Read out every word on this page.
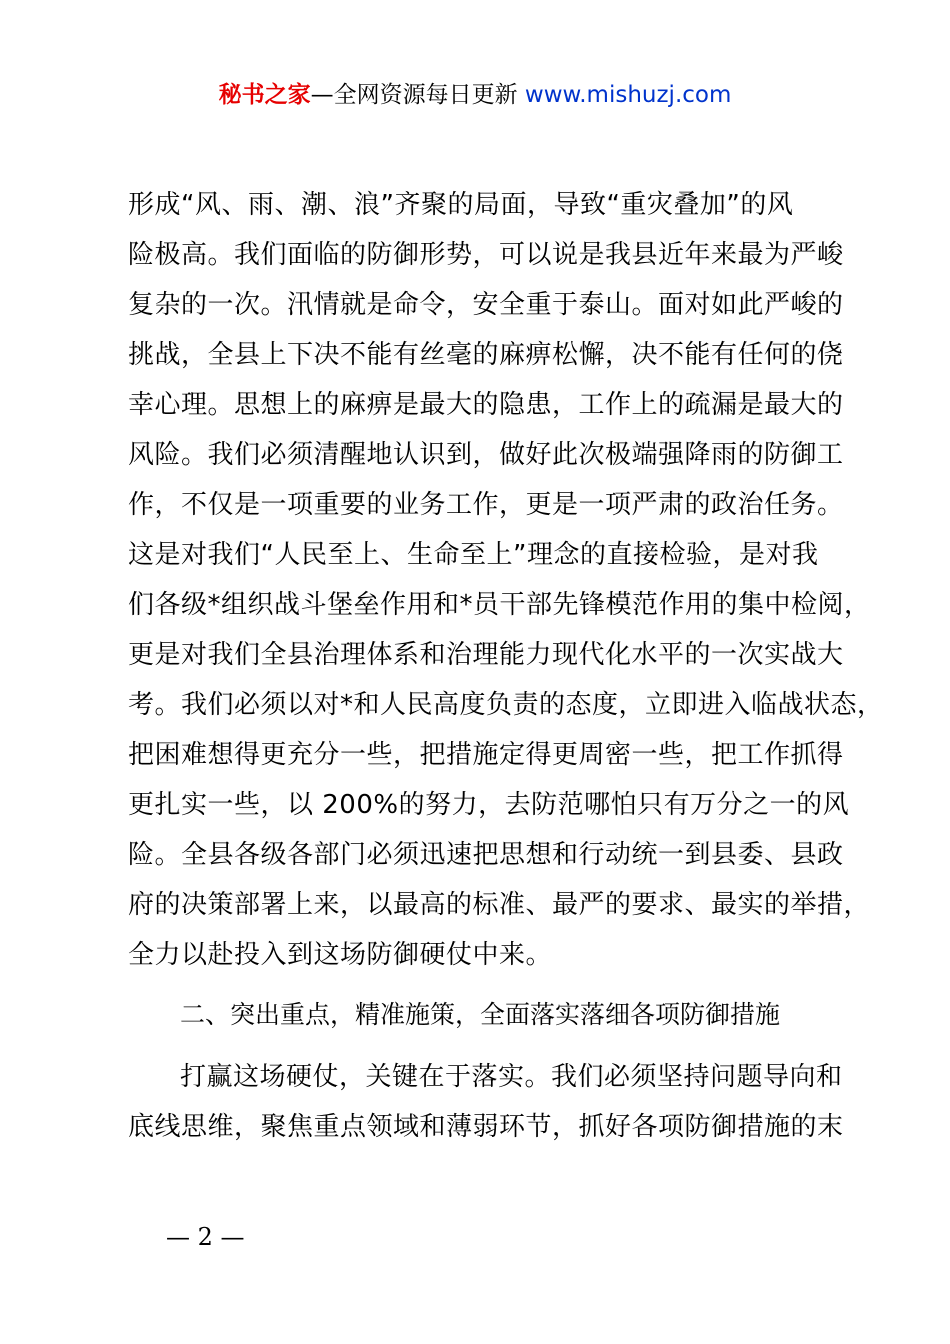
秘书之家—全网资源每日更新 www.mishuzj.com
形成“风、雨、潮、浪”齐聚的局面，导致“重灾叠加”的风
险极高。我们面临的防御形势，可以说是我县近年来最为严峻
复杂的一次。汛情就是命令，安全重于泰山。面对如此严峻的
挑战，全县上下决不能有丝毫的麻痹松懈，决不能有任何的侥
幸心理。思想上的麻痹是最大的隐患，工作上的疏漏是最大的
风险。我们必须清醒地认识到，做好此次极端强降雨的防御工
作，不仅是一项重要的业务工作，更是一项严肃的政治任务。
这是对我们“人民至上、生命至上”理念的直接检验，是对我
们各级*组织战斗堡垒作用和*员干部先锋模范作用的集中检阅，
更是对我们全县治理体系和治理能力现代化水平的一次实战大
考。我们必须以对*和人民高度负责的态度，立即进入临战状态，
把困难想得更充分一些，把措施定得更周密一些，把工作抓得
更扎实一些，以 200%的努力，去防范哪怕只有万分之一的风
险。全县各级各部门必须迅速把思想和行动统一到县委、县政
府的决策部署上来，以最高的标准、最严的要求、最实的举措，
全力以赴投入到这场防御硬仗中来。
二、突出重点，精准施策，全面落实落细各项防御措施
打赢这场硬仗，关键在于落实。我们必须坚持问题导向和
底线思维，聚焦重点领域和薄弱环节，抓好各项防御措施的末
— 2 —
